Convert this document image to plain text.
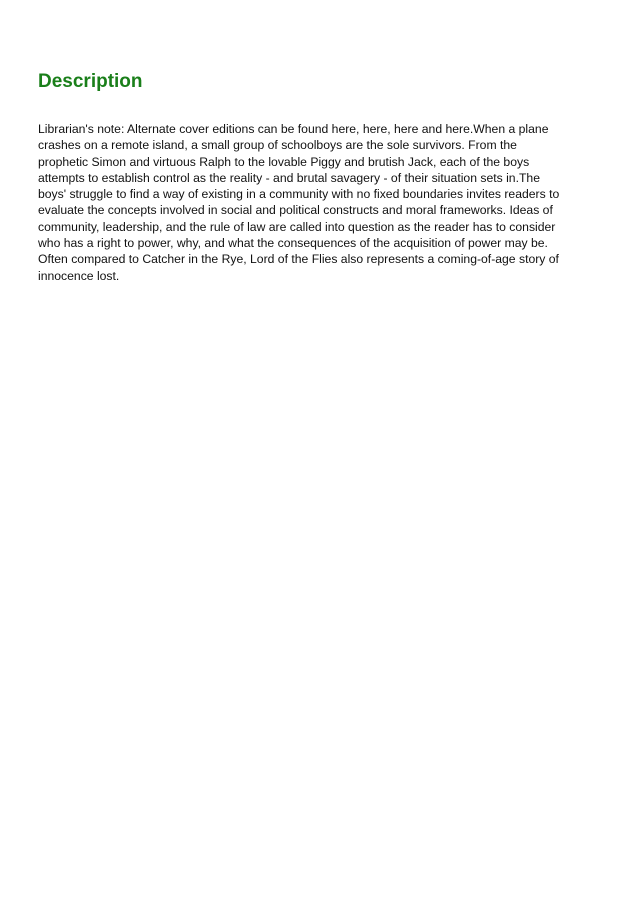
Description

Librarian's note: Alternate cover editions can be found here, here, here and here.When a plane
crashes on a remote island, a small group of schoolboys are the sole survivors. From the
prophetic Simon and virtuous Ralph to the lovable Piggy and brutish Jack, each of the boys
attempts to establish control as the reality - and brutal savagery - of their situation sets in.The
boys' struggle to find a way of existing in a community with no fixed boundaries invites readers to
evaluate the concepts involved in social and political constructs and moral frameworks. Ideas of
community, leadership, and the rule of law are called into question as the reader has to consider
who has a right to power, why, and what the consequences of the acquisition of power may be.
Often compared to Catcher in the Rye, Lord of the Flies also represents a coming-of-age story of
innocence lost.
